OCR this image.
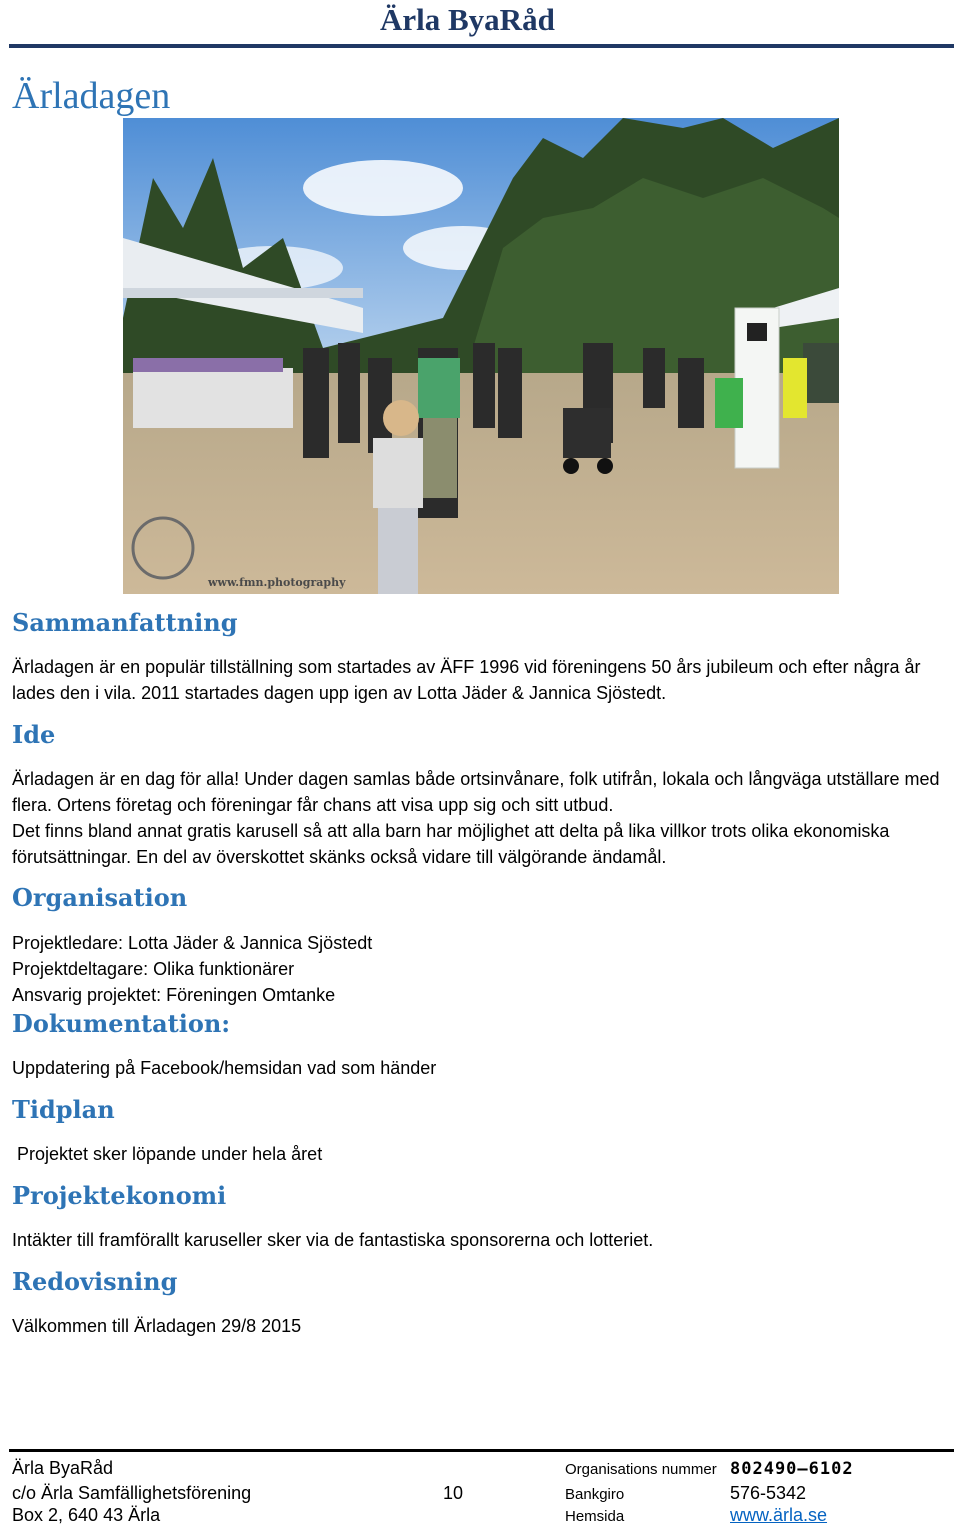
Ärla ByaRåd
Ärladagen
www.fmn.photography
Sammanfattning

Ärladagen är en populär tillställning som startades av ÄFF 1996 vid föreningens 50 års jubileum och efter några år lades den i vila. 2011 startades dagen upp igen av Lotta Jäder & Jannica Sjöstedt.

Ide

Ärladagen är en dag för alla! Under dagen samlas både ortsinvånare, folk utifrån, lokala och långväga utställare med flera. Ortens företag och föreningar får chans att visa upp sig och sitt utbud.

Det finns bland annat gratis karusell så att alla barn har möjlighet att delta på lika villkor trots olika ekonomiska förutsättningar. En del av överskottet skänks också vidare till välgörande ändamål.

Organisation

Projektledare: Lotta Jäder & Jannica Sjöstedt

Projektdeltagare: Olika funktionärer

Ansvarig projektet: Föreningen Omtanke

Dokumentation:

Uppdatering på Facebook/hemsidan vad som händer

Tidplan

Projektet sker löpande under hela året

Projektekonomi

Intäkter till framförallt karuseller sker via de fantastiska sponsorerna och lotteriet.

Redovisning

Välkommen till Ärladagen 29/8 2015

Ärla ByaRåd
c/o Ärla Samfällighetsförening
Box 2, 640 43 Ärla
10
Organisations nummer 802490–6102
Bankgiro	576-5342
Hemsida	www.ärla.se
